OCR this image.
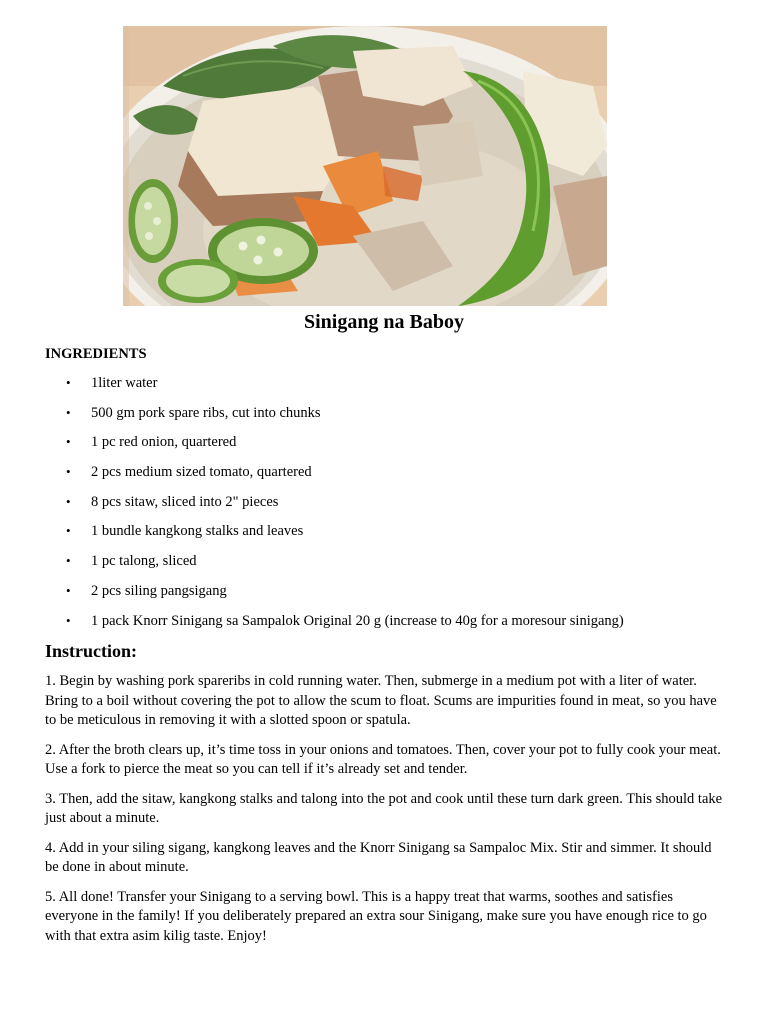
Sinigang na Baboy
INGREDIENTS
• 1liter water
• 500 gm pork spare ribs, cut into chunks
• 1 pc red onion, quartered
• 2 pcs medium sized tomato, quartered
• 8 pcs sitaw, sliced into 2" pieces
• 1 bundle kangkong stalks and leaves
• 1 pc talong, sliced
• 2 pcs siling pangsigang
• 1 pack Knorr Sinigang sa Sampalok Original 20 g (increase to 40g for a moresour sinigang)
Instruction:

1. Begin by washing pork spareribs in cold running water. Then, submerge in a medium pot with a liter of water. Bring to a boil without covering the pot to allow the scum to float. Scums are impurities found in meat, so you have to be meticulous in removing it with a slotted spoon or spatula.

2. After the broth clears up, it’s time toss in your onions and tomatoes. Then, cover your pot to fully cook your meat. Use a fork to pierce the meat so you can tell if it’s already set and tender.

3. Then, add the sitaw, kangkong stalks and talong into the pot and cook until these turn dark green. This should take just about a minute.

4. Add in your siling sigang, kangkong leaves and the Knorr Sinigang sa Sampaloc Mix. Stir and simmer. It should be done in about minute.

5. All done! Transfer your Sinigang to a serving bowl. This is a happy treat that warms, soothes and satisfies everyone in the family! If you deliberately prepared an extra sour Sinigang, make sure you have enough rice to go with that extra asim kilig taste. Enjoy!
